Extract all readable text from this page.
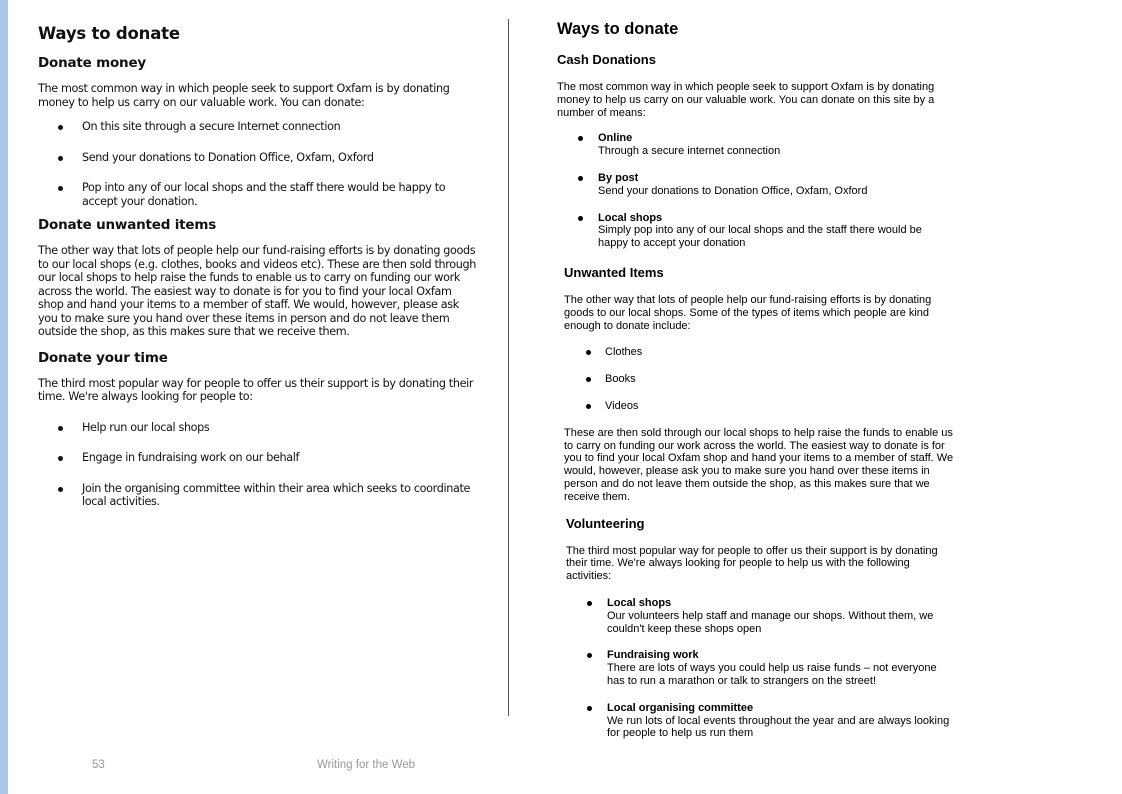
Ways to donate
Donate money

The most common way in which people seek to support Oxfam is by donating money to help us carry on our valuable work. You can donate:

On this site through a secure Internet connection
Send your donations to Donation Office, Oxfam, Oxford
Pop into any of our local shops and the staff there would be happy to accept your donation.
Donate unwanted items

The other way that lots of people help our fund-raising efforts is by donating goods to our local shops (e.g. clothes, books and videos etc). These are then sold through our local shops to help raise the funds to enable us to carry on funding our work across the world. The easiest way to donate is for you to find your local Oxfam shop and hand your items to a member of staff. We would, however, please ask you to make sure you hand over these items in person and do not leave them outside the shop, as this makes sure that we receive them.

Donate your time

The third most popular way for people to offer us their support is by donating their time. We're always looking for people to:

Help run our local shops
Engage in fundraising work on our behalf
Join the organising committee within their area which seeks to coordinate local activities.
Ways to donate
Cash Donations

The most common way in which people seek to support Oxfam is by donating money to help us carry on our valuable work. You can donate on this site by a number of means:

Online
Through a secure internet connection
By post
Send your donations to Donation Office, Oxfam, Oxford
Local shops
Simply pop into any of our local shops and the staff there would be happy to accept your donation
Unwanted Items

The other way that lots of people help our fund-raising efforts is by donating goods to our local shops. Some of the types of items which people are kind enough to donate include:

Clothes
Books
Videos

These are then sold through our local shops to help raise the funds to enable us to carry on funding our work across the world. The easiest way to donate is for you to find your local Oxfam shop and hand your items to a member of staff. We would, however, please ask you to make sure you hand over these items in person and do not leave them outside the shop, as this makes sure that we receive them.

Volunteering

The third most popular way for people to offer us their support is by donating their time. We're always looking for people to help us with the following activities:

Local shops
Our volunteers help staff and manage our shops. Without them, we couldn't keep these shops open
Fundraising work
There are lots of ways you could help us raise funds – not everyone has to run a marathon or talk to strangers on the street!
Local organising committee
We run lots of local events throughout the year and are always looking for people to help us run them
53	Writing for the Web
